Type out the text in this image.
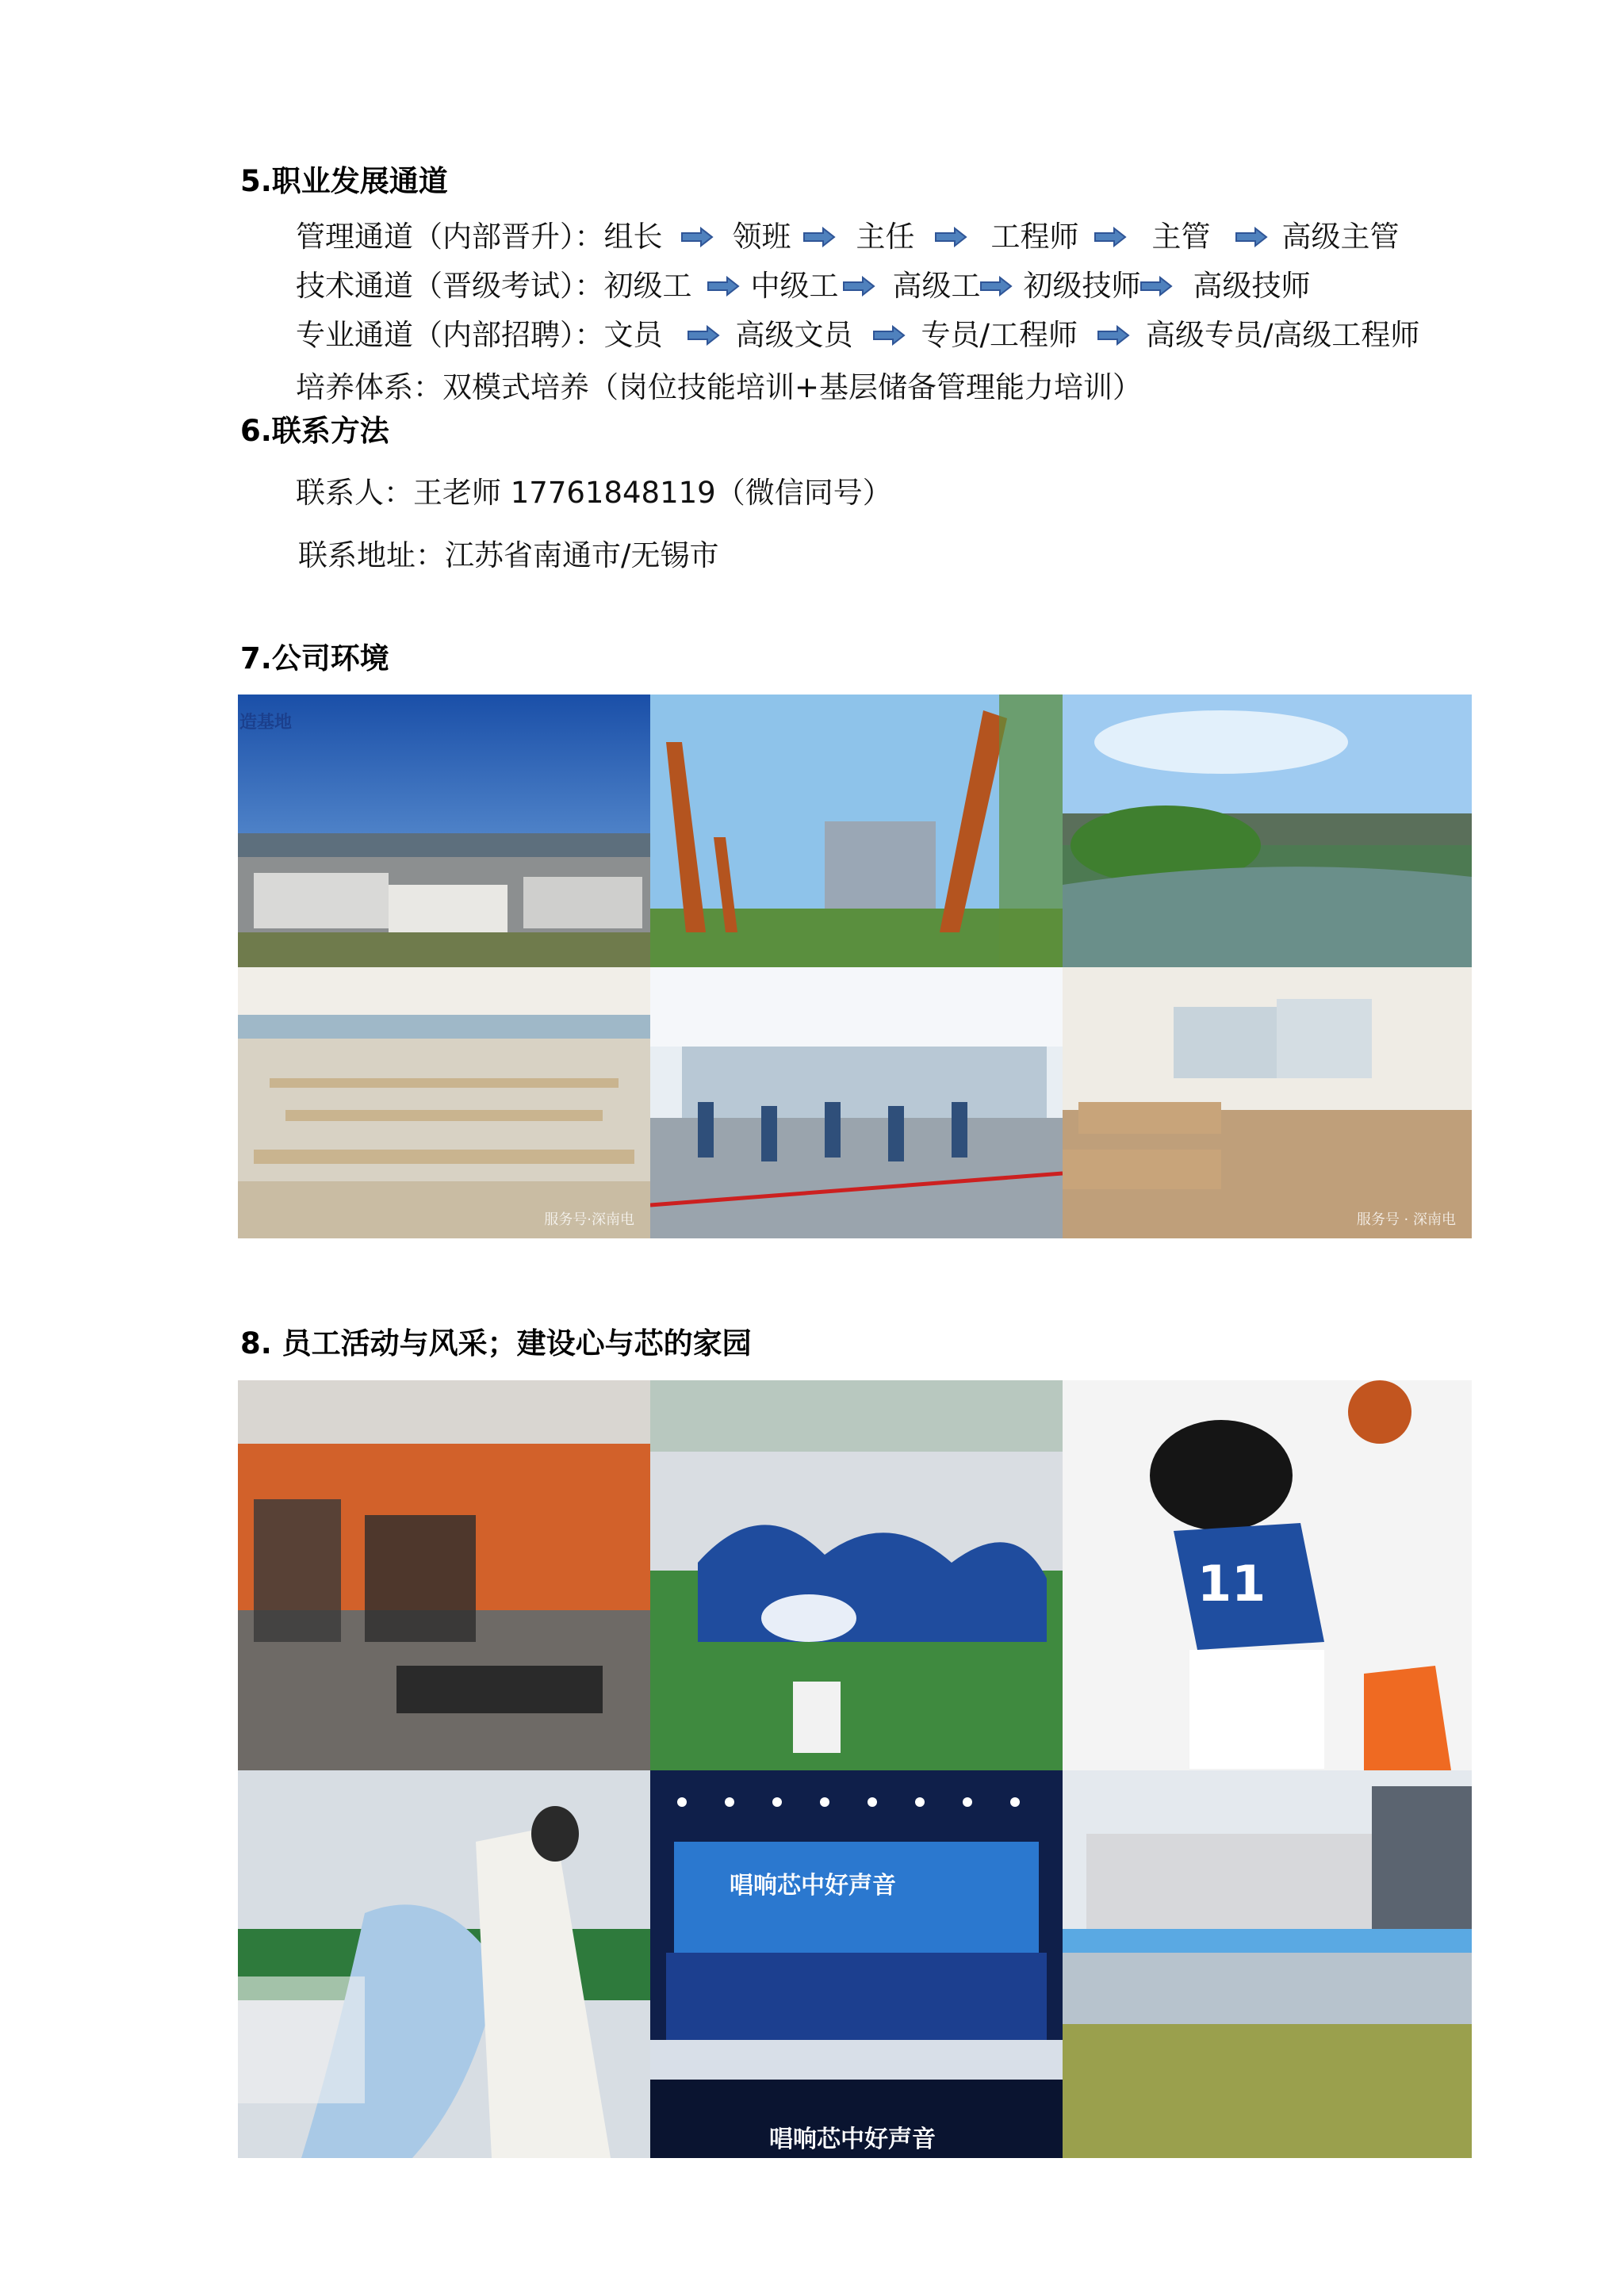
5.职业发展通道
管理通道（内部晋升）： 组长 领班 主任	工程师 主管 高级主管
技术通道（晋级考试）： 初级工 中级工 高级工 初级技师 高级技师
专业通道（内部招聘）： 文员 高级文员 专员/工程师 高级专员/高级工程师
培养体系：双模式培养（岗位技能培训+基层储备管理能力培训）
6.联系方法
联系人：王老师 17761848119（微信同号）
联系地址：江苏省南通市/无锡市
7.公司环境
造基地
服务号·深南电	服务号 · 深南电
8. 员工活动与风采；建设心与芯的家园
11
唱响芯中好声音
唱响芯中好声音
